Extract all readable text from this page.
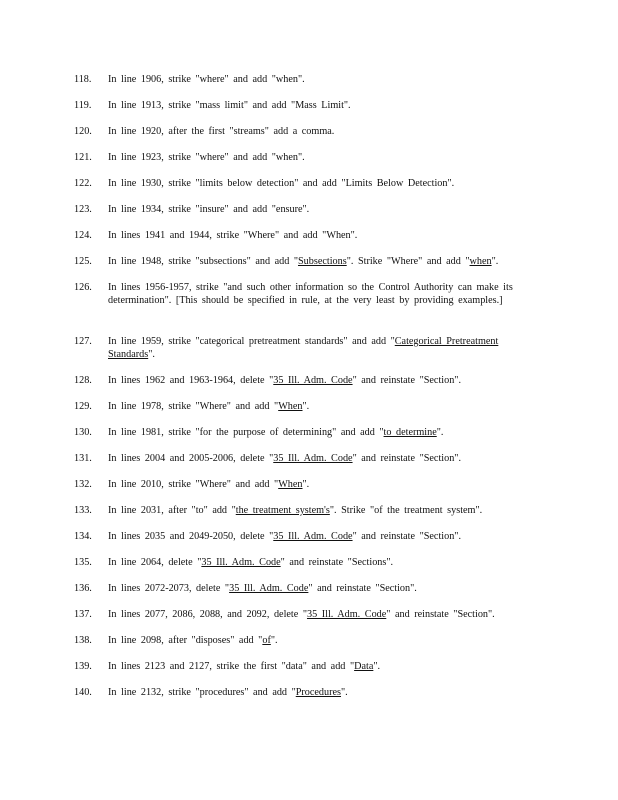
118.	In line 1906, strike "where" and add "when".
119.	In line 1913, strike "mass limit" and add "Mass Limit".
120.	In line 1920, after the first "streams" add a comma.
121.	In line 1923, strike "where" and add "when".
122.	In line 1930, strike "limits below detection" and add "Limits Below Detection".
123.	In line 1934, strike "insure" and add "ensure".
124.	In lines 1941 and 1944, strike "Where" and add "When".
125.	In line 1948, strike "subsections" and add "Subsections". Strike "Where" and add "when".
126.	In lines 1956-1957, strike "and such other information so the Control Authority can make its determination". [This should be specified in rule, at the very least by providing examples.]
127.	In line 1959, strike "categorical pretreatment standards" and add "Categorical Pretreatment Standards".
128.	In lines 1962 and 1963-1964, delete "35 Ill. Adm. Code" and reinstate "Section".
129.	In line 1978, strike "Where" and add "When".
130.	In line 1981, strike "for the purpose of determining" and add "to determine".
131.	In lines 2004 and 2005-2006, delete "35 Ill. Adm. Code" and reinstate "Section".
132.	In line 2010, strike "Where" and add "When".
133.	In line 2031, after "to" add "the treatment system's". Strike "of the treatment system".
134.	In lines 2035 and 2049-2050, delete "35 Ill. Adm. Code" and reinstate "Section".
135.	In line 2064, delete "35 Ill. Adm. Code" and reinstate "Sections".
136.	In lines 2072-2073, delete "35 Ill. Adm. Code" and reinstate "Section".
137.	In lines 2077, 2086, 2088, and 2092, delete "35 Ill. Adm. Code" and reinstate "Section".
138.	In line 2098, after "disposes" add "of".
139.	In lines 2123 and 2127, strike the first "data" and add "Data".
140.	In line 2132, strike "procedures" and add "Procedures".
